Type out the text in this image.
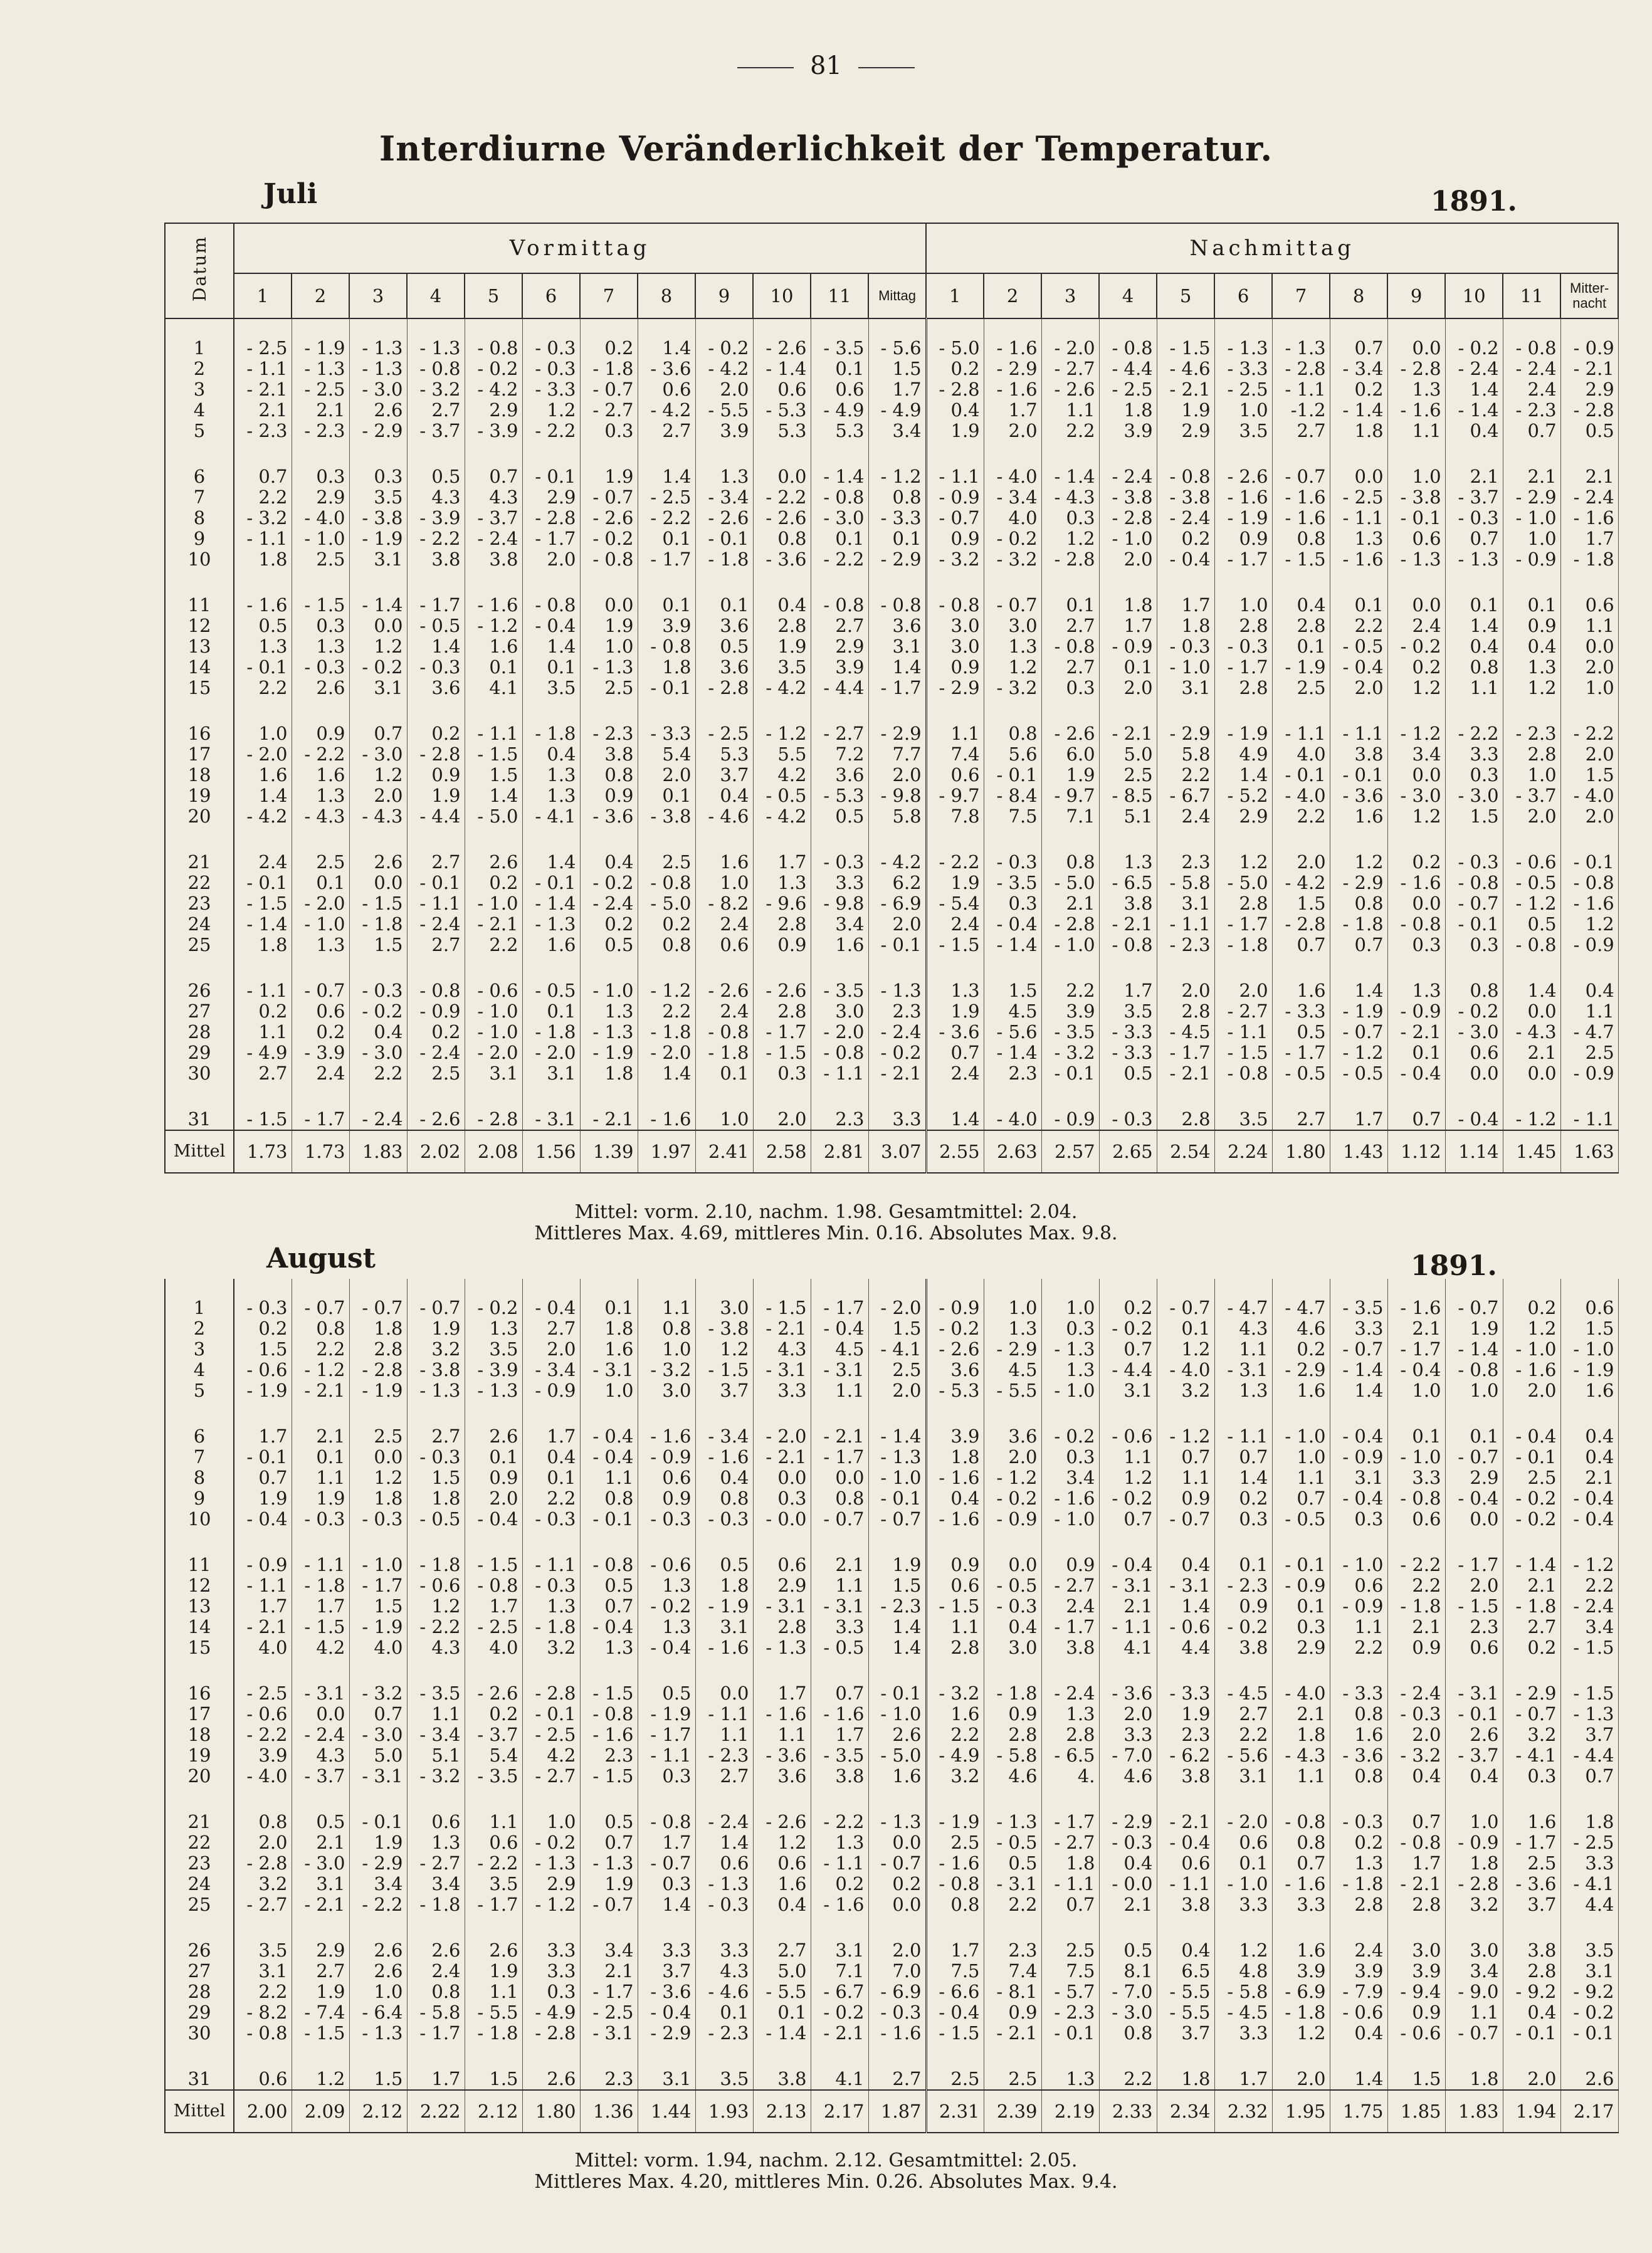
81
Interdiurne Veränderlichkeit der Temperatur.
Juli	1891.
Datum	Vormittag												Nachmittag											
	1	2	3	4	5	6	7	8	9	10	11	Mittag	1	2	3	4	5	6	7	8	9	10	11	Mitter-nacht

1	- 2.5	- 1.9	- 1.3	- 1.3	- 0.8	- 0.3	0.2	1.4	- 0.2	- 2.6	- 3.5	- 5.6	- 5.0	- 1.6	- 2.0	- 0.8	- 1.5	- 1.3	- 1.3	0.7	0.0	- 0.2	- 0.8	- 0.9
2	- 1.1	- 1.3	- 1.3	- 0.8	- 0.2	- 0.3	- 1.8	- 3.6	- 4.2	- 1.4	0.1	1.5	0.2	- 2.9	- 2.7	- 4.4	- 4.6	- 3.3	- 2.8	- 3.4	- 2.8	- 2.4	- 2.4	- 2.1
3	- 2.1	- 2.5	- 3.0	- 3.2	- 4.2	- 3.3	- 0.7	0.6	2.0	0.6	0.6	1.7	- 2.8	- 1.6	- 2.6	- 2.5	- 2.1	- 2.5	- 1.1	0.2	1.3	1.4	2.4	2.9
4	2.1	2.1	2.6	2.7	2.9	1.2	- 2.7	- 4.2	- 5.5	- 5.3	- 4.9	- 4.9	0.4	1.7	1.1	1.8	1.9	1.0	-1.2	- 1.4	- 1.6	- 1.4	- 2.3	- 2.8
5	- 2.3	- 2.3	- 2.9	- 3.7	- 3.9	- 2.2	0.3	2.7	3.9	5.3	5.3	3.4	1.9	2.0	2.2	3.9	2.9	3.5	2.7	1.8	1.1	0.4	0.7	0.5

6	0.7	0.3	0.3	0.5	0.7	- 0.1	1.9	1.4	1.3	0.0	- 1.4	- 1.2	- 1.1	- 4.0	- 1.4	- 2.4	- 0.8	- 2.6	- 0.7	0.0	1.0	2.1	2.1	2.1
7	2.2	2.9	3.5	4.3	4.3	2.9	- 0.7	- 2.5	- 3.4	- 2.2	- 0.8	0.8	- 0.9	- 3.4	- 4.3	- 3.8	- 3.8	- 1.6	- 1.6	- 2.5	- 3.8	- 3.7	- 2.9	- 2.4
8	- 3.2	- 4.0	- 3.8	- 3.9	- 3.7	- 2.8	- 2.6	- 2.2	- 2.6	- 2.6	- 3.0	- 3.3	- 0.7	4.0	0.3	- 2.8	- 2.4	- 1.9	- 1.6	- 1.1	- 0.1	- 0.3	- 1.0	- 1.6
9	- 1.1	- 1.0	- 1.9	- 2.2	- 2.4	- 1.7	- 0.2	0.1	- 0.1	0.8	0.1	0.1	0.9	- 0.2	1.2	- 1.0	0.2	0.9	0.8	1.3	0.6	0.7	1.0	1.7
10	1.8	2.5	3.1	3.8	3.8	2.0	- 0.8	- 1.7	- 1.8	- 3.6	- 2.2	- 2.9	- 3.2	- 3.2	- 2.8	2.0	- 0.4	- 1.7	- 1.5	- 1.6	- 1.3	- 1.3	- 0.9	- 1.8

11	- 1.6	- 1.5	- 1.4	- 1.7	- 1.6	- 0.8	0.0	0.1	0.1	0.4	- 0.8	- 0.8	- 0.8	- 0.7	0.1	1.8	1.7	1.0	0.4	0.1	0.0	0.1	0.1	0.6
12	0.5	0.3	0.0	- 0.5	- 1.2	- 0.4	1.9	3.9	3.6	2.8	2.7	3.6	3.0	3.0	2.7	1.7	1.8	2.8	2.8	2.2	2.4	1.4	0.9	1.1
13	1.3	1.3	1.2	1.4	1.6	1.4	1.0	- 0.8	0.5	1.9	2.9	3.1	3.0	1.3	- 0.8	- 0.9	- 0.3	- 0.3	0.1	- 0.5	- 0.2	0.4	0.4	0.0
14	- 0.1	- 0.3	- 0.2	- 0.3	0.1	0.1	- 1.3	1.8	3.6	3.5	3.9	1.4	0.9	1.2	2.7	0.1	- 1.0	- 1.7	- 1.9	- 0.4	0.2	0.8	1.3	2.0
15	2.2	2.6	3.1	3.6	4.1	3.5	2.5	- 0.1	- 2.8	- 4.2	- 4.4	- 1.7	- 2.9	- 3.2	0.3	2.0	3.1	2.8	2.5	2.0	1.2	1.1	1.2	1.0

16	1.0	0.9	0.7	0.2	- 1.1	- 1.8	- 2.3	- 3.3	- 2.5	- 1.2	- 2.7	- 2.9	1.1	0.8	- 2.6	- 2.1	- 2.9	- 1.9	- 1.1	- 1.1	- 1.2	- 2.2	- 2.3	- 2.2
17	- 2.0	- 2.2	- 3.0	- 2.8	- 1.5	0.4	3.8	5.4	5.3	5.5	7.2	7.7	7.4	5.6	6.0	5.0	5.8	4.9	4.0	3.8	3.4	3.3	2.8	2.0
18	1.6	1.6	1.2	0.9	1.5	1.3	0.8	2.0	3.7	4.2	3.6	2.0	0.6	- 0.1	1.9	2.5	2.2	1.4	- 0.1	- 0.1	0.0	0.3	1.0	1.5
19	1.4	1.3	2.0	1.9	1.4	1.3	0.9	0.1	0.4	- 0.5	- 5.3	- 9.8	- 9.7	- 8.4	- 9.7	- 8.5	- 6.7	- 5.2	- 4.0	- 3.6	- 3.0	- 3.0	- 3.7	- 4.0
20	- 4.2	- 4.3	- 4.3	- 4.4	- 5.0	- 4.1	- 3.6	- 3.8	- 4.6	- 4.2	0.5	5.8	7.8	7.5	7.1	5.1	2.4	2.9	2.2	1.6	1.2	1.5	2.0	2.0

21	2.4	2.5	2.6	2.7	2.6	1.4	0.4	2.5	1.6	1.7	- 0.3	- 4.2	- 2.2	- 0.3	0.8	1.3	2.3	1.2	2.0	1.2	0.2	- 0.3	- 0.6	- 0.1
22	- 0.1	0.1	0.0	- 0.1	0.2	- 0.1	- 0.2	- 0.8	1.0	1.3	3.3	6.2	1.9	- 3.5	- 5.0	- 6.5	- 5.8	- 5.0	- 4.2	- 2.9	- 1.6	- 0.8	- 0.5	- 0.8
23	- 1.5	- 2.0	- 1.5	- 1.1	- 1.0	- 1.4	- 2.4	- 5.0	- 8.2	- 9.6	- 9.8	- 6.9	- 5.4	0.3	2.1	3.8	3.1	2.8	1.5	0.8	0.0	- 0.7	- 1.2	- 1.6
24	- 1.4	- 1.0	- 1.8	- 2.4	- 2.1	- 1.3	0.2	0.2	2.4	2.8	3.4	2.0	2.4	- 0.4	- 2.8	- 2.1	- 1.1	- 1.7	- 2.8	- 1.8	- 0.8	- 0.1	0.5	1.2
25	1.8	1.3	1.5	2.7	2.2	1.6	0.5	0.8	0.6	0.9	1.6	- 0.1	- 1.5	- 1.4	- 1.0	- 0.8	- 2.3	- 1.8	0.7	0.7	0.3	0.3	- 0.8	- 0.9

26	- 1.1	- 0.7	- 0.3	- 0.8	- 0.6	- 0.5	- 1.0	- 1.2	- 2.6	- 2.6	- 3.5	- 1.3	1.3	1.5	2.2	1.7	2.0	2.0	1.6	1.4	1.3	0.8	1.4	0.4
27	0.2	0.6	- 0.2	- 0.9	- 1.0	0.1	1.3	2.2	2.4	2.8	3.0	2.3	1.9	4.5	3.9	3.5	2.8	- 2.7	- 3.3	- 1.9	- 0.9	- 0.2	0.0	1.1
28	1.1	0.2	0.4	0.2	- 1.0	- 1.8	- 1.3	- 1.8	- 0.8	- 1.7	- 2.0	- 2.4	- 3.6	- 5.6	- 3.5	- 3.3	- 4.5	- 1.1	0.5	- 0.7	- 2.1	- 3.0	- 4.3	- 4.7
29	- 4.9	- 3.9	- 3.0	- 2.4	- 2.0	- 2.0	- 1.9	- 2.0	- 1.8	- 1.5	- 0.8	- 0.2	0.7	- 1.4	- 3.2	- 3.3	- 1.7	- 1.5	- 1.7	- 1.2	0.1	0.6	2.1	2.5
30	2.7	2.4	2.2	2.5	3.1	3.1	1.8	1.4	0.1	0.3	- 1.1	- 2.1	2.4	2.3	- 0.1	0.5	- 2.1	- 0.8	- 0.5	- 0.5	- 0.4	0.0	0.0	- 0.9

31	- 1.5	- 1.7	- 2.4	- 2.6	- 2.8	- 3.1	- 2.1	- 1.6	1.0	2.0	2.3	3.3	1.4	- 4.0	- 0.9	- 0.3	2.8	3.5	2.7	1.7	0.7	- 0.4	- 1.2	- 1.1
Mittel	1.73	1.73	1.83	2.02	2.08	1.56	1.39	1.97	2.41	2.58	2.81	3.07	2.55	2.63	2.57	2.65	2.54	2.24	1.80	1.43	1.12	1.14	1.45	1.63
Mittel: vorm. 2.10, nachm. 1.98. Gesamtmittel: 2.04.
Mittleres Max. 4.69, mittleres Min. 0.16. Absolutes Max. 9.8.
August	1891.

1	- 0.3	- 0.7	- 0.7	- 0.7	- 0.2	- 0.4	0.1	1.1	3.0	- 1.5	- 1.7	- 2.0	- 0.9	1.0	1.0	0.2	- 0.7	- 4.7	- 4.7	- 3.5	- 1.6	- 0.7	0.2	0.6
2	0.2	0.8	1.8	1.9	1.3	2.7	1.8	0.8	- 3.8	- 2.1	- 0.4	1.5	- 0.2	1.3	0.3	- 0.2	0.1	4.3	4.6	3.3	2.1	1.9	1.2	1.5
3	1.5	2.2	2.8	3.2	3.5	2.0	1.6	1.0	1.2	4.3	4.5	- 4.1	- 2.6	- 2.9	- 1.3	0.7	1.2	1.1	0.2	- 0.7	- 1.7	- 1.4	- 1.0	- 1.0
4	- 0.6	- 1.2	- 2.8	- 3.8	- 3.9	- 3.4	- 3.1	- 3.2	- 1.5	- 3.1	- 3.1	2.5	3.6	4.5	1.3	- 4.4	- 4.0	- 3.1	- 2.9	- 1.4	- 0.4	- 0.8	- 1.6	- 1.9
5	- 1.9	- 2.1	- 1.9	- 1.3	- 1.3	- 0.9	1.0	3.0	3.7	3.3	1.1	2.0	- 5.3	- 5.5	- 1.0	3.1	3.2	1.3	1.6	1.4	1.0	1.0	2.0	1.6

6	1.7	2.1	2.5	2.7	2.6	1.7	- 0.4	- 1.6	- 3.4	- 2.0	- 2.1	- 1.4	3.9	3.6	- 0.2	- 0.6	- 1.2	- 1.1	- 1.0	- 0.4	0.1	0.1	- 0.4	0.4
7	- 0.1	0.1	0.0	- 0.3	0.1	0.4	- 0.4	- 0.9	- 1.6	- 2.1	- 1.7	- 1.3	1.8	2.0	0.3	1.1	0.7	0.7	1.0	- 0.9	- 1.0	- 0.7	- 0.1	0.4
8	0.7	1.1	1.2	1.5	0.9	0.1	1.1	0.6	0.4	0.0	0.0	- 1.0	- 1.6	- 1.2	3.4	1.2	1.1	1.4	1.1	3.1	3.3	2.9	2.5	2.1
9	1.9	1.9	1.8	1.8	2.0	2.2	0.8	0.9	0.8	0.3	0.8	- 0.1	0.4	- 0.2	- 1.6	- 0.2	0.9	0.2	0.7	- 0.4	- 0.8	- 0.4	- 0.2	- 0.4
10	- 0.4	- 0.3	- 0.3	- 0.5	- 0.4	- 0.3	- 0.1	- 0.3	- 0.3	- 0.0	- 0.7	- 0.7	- 1.6	- 0.9	- 1.0	0.7	- 0.7	0.3	- 0.5	0.3	0.6	0.0	- 0.2	- 0.4

11	- 0.9	- 1.1	- 1.0	- 1.8	- 1.5	- 1.1	- 0.8	- 0.6	0.5	0.6	2.1	1.9	0.9	0.0	0.9	- 0.4	0.4	0.1	- 0.1	- 1.0	- 2.2	- 1.7	- 1.4	- 1.2
12	- 1.1	- 1.8	- 1.7	- 0.6	- 0.8	- 0.3	0.5	1.3	1.8	2.9	1.1	1.5	0.6	- 0.5	- 2.7	- 3.1	- 3.1	- 2.3	- 0.9	0.6	2.2	2.0	2.1	2.2
13	1.7	1.7	1.5	1.2	1.7	1.3	0.7	- 0.2	- 1.9	- 3.1	- 3.1	- 2.3	- 1.5	- 0.3	2.4	2.1	1.4	0.9	0.1	- 0.9	- 1.8	- 1.5	- 1.8	- 2.4
14	- 2.1	- 1.5	- 1.9	- 2.2	- 2.5	- 1.8	- 0.4	1.3	3.1	2.8	3.3	1.4	1.1	0.4	- 1.7	- 1.1	- 0.6	- 0.2	0.3	1.1	2.1	2.3	2.7	3.4
15	4.0	4.2	4.0	4.3	4.0	3.2	1.3	- 0.4	- 1.6	- 1.3	- 0.5	1.4	2.8	3.0	3.8	4.1	4.4	3.8	2.9	2.2	0.9	0.6	0.2	- 1.5

16	- 2.5	- 3.1	- 3.2	- 3.5	- 2.6	- 2.8	- 1.5	0.5	0.0	1.7	0.7	- 0.1	- 3.2	- 1.8	- 2.4	- 3.6	- 3.3	- 4.5	- 4.0	- 3.3	- 2.4	- 3.1	- 2.9	- 1.5
17	- 0.6	0.0	0.7	1.1	0.2	- 0.1	- 0.8	- 1.9	- 1.1	- 1.6	- 1.6	- 1.0	1.6	0.9	1.3	2.0	1.9	2.7	2.1	0.8	- 0.3	- 0.1	- 0.7	- 1.3
18	- 2.2	- 2.4	- 3.0	- 3.4	- 3.7	- 2.5	- 1.6	- 1.7	1.1	1.1	1.7	2.6	2.2	2.8	2.8	3.3	2.3	2.2	1.8	1.6	2.0	2.6	3.2	3.7
19	3.9	4.3	5.0	5.1	5.4	4.2	2.3	- 1.1	- 2.3	- 3.6	- 3.5	- 5.0	- 4.9	- 5.8	- 6.5	- 7.0	- 6.2	- 5.6	- 4.3	- 3.6	- 3.2	- 3.7	- 4.1	- 4.4
20	- 4.0	- 3.7	- 3.1	- 3.2	- 3.5	- 2.7	- 1.5	0.3	2.7	3.6	3.8	1.6	3.2	4.6	4.	4.6	3.8	3.1	1.1	0.8	0.4	0.4	0.3	0.7

21	0.8	0.5	- 0.1	0.6	1.1	1.0	0.5	- 0.8	- 2.4	- 2.6	- 2.2	- 1.3	- 1.9	- 1.3	- 1.7	- 2.9	- 2.1	- 2.0	- 0.8	- 0.3	0.7	1.0	1.6	1.8
22	2.0	2.1	1.9	1.3	0.6	- 0.2	0.7	1.7	1.4	1.2	1.3	0.0	2.5	- 0.5	- 2.7	- 0.3	- 0.4	0.6	0.8	0.2	- 0.8	- 0.9	- 1.7	- 2.5
23	- 2.8	- 3.0	- 2.9	- 2.7	- 2.2	- 1.3	- 1.3	- 0.7	0.6	0.6	- 1.1	- 0.7	- 1.6	0.5	1.8	0.4	0.6	0.1	0.7	1.3	1.7	1.8	2.5	3.3
24	3.2	3.1	3.4	3.4	3.5	2.9	1.9	0.3	- 1.3	1.6	0.2	0.2	- 0.8	- 3.1	- 1.1	- 0.0	- 1.1	- 1.0	- 1.6	- 1.8	- 2.1	- 2.8	- 3.6	- 4.1
25	- 2.7	- 2.1	- 2.2	- 1.8	- 1.7	- 1.2	- 0.7	1.4	- 0.3	0.4	- 1.6	0.0	0.8	2.2	0.7	2.1	3.8	3.3	3.3	2.8	2.8	3.2	3.7	4.4

26	3.5	2.9	2.6	2.6	2.6	3.3	3.4	3.3	3.3	2.7	3.1	2.0	1.7	2.3	2.5	0.5	0.4	1.2	1.6	2.4	3.0	3.0	3.8	3.5
27	3.1	2.7	2.6	2.4	1.9	3.3	2.1	3.7	4.3	5.0	7.1	7.0	7.5	7.4	7.5	8.1	6.5	4.8	3.9	3.9	3.9	3.4	2.8	3.1
28	2.2	1.9	1.0	0.8	1.1	0.3	- 1.7	- 3.6	- 4.6	- 5.5	- 6.7	- 6.9	- 6.6	- 8.1	- 5.7	- 7.0	- 5.5	- 5.8	- 6.9	- 7.9	- 9.4	- 9.0	- 9.2	- 9.2
29	- 8.2	- 7.4	- 6.4	- 5.8	- 5.5	- 4.9	- 2.5	- 0.4	0.1	0.1	- 0.2	- 0.3	- 0.4	0.9	- 2.3	- 3.0	- 5.5	- 4.5	- 1.8	- 0.6	0.9	1.1	0.4	- 0.2
30	- 0.8	- 1.5	- 1.3	- 1.7	- 1.8	- 2.8	- 3.1	- 2.9	- 2.3	- 1.4	- 2.1	- 1.6	- 1.5	- 2.1	- 0.1	0.8	3.7	3.3	1.2	0.4	- 0.6	- 0.7	- 0.1	- 0.1

31	0.6	1.2	1.5	1.7	1.5	2.6	2.3	3.1	3.5	3.8	4.1	2.7	2.5	2.5	1.3	2.2	1.8	1.7	2.0	1.4	1.5	1.8	2.0	2.6
Mittel	2.00	2.09	2.12	2.22	2.12	1.80	1.36	1.44	1.93	2.13	2.17	1.87	2.31	2.39	2.19	2.33	2.34	2.32	1.95	1.75	1.85	1.83	1.94	2.17
Mittel: vorm. 1.94, nachm. 2.12. Gesamtmittel: 2.05.
Mittleres Max. 4.20, mittleres Min. 0.26. Absolutes Max. 9.4.
